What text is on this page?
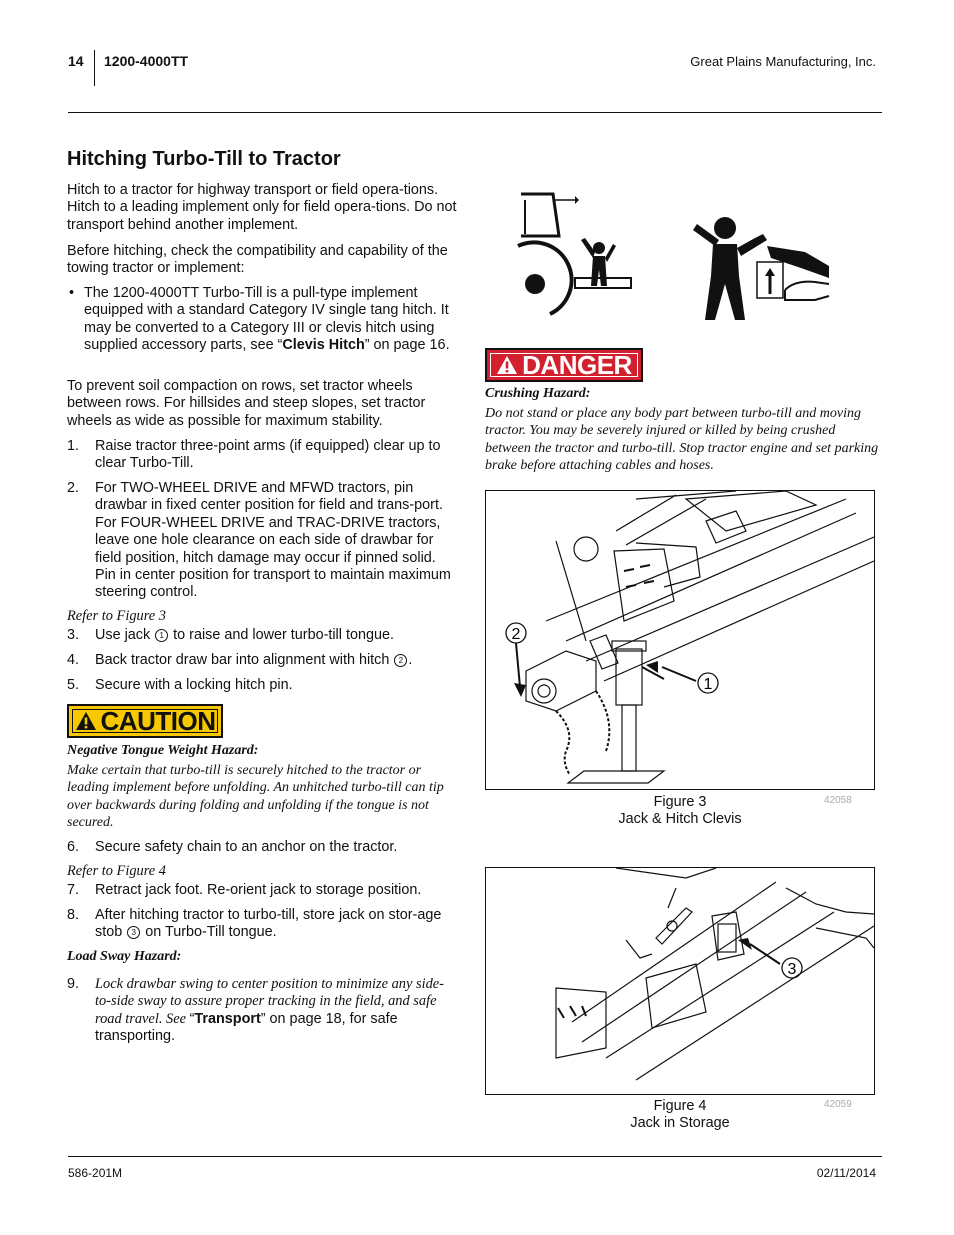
14 1200-4000TT	Great Plains Manufacturing, Inc.
Hitching Turbo-Till to Tractor
Hitch to a tractor for highway transport or field opera-tions. Hitch to a leading implement only for field opera-tions. Do not transport behind another implement.
Before hitching, check the compatibility and capability of the towing tractor or implement:
• The 1200-4000TT Turbo-Till is a pull-type implement equipped with a standard Category IV single tang hitch. It may be converted to a Category III or clevis hitch using supplied accessory parts, see “Clevis Hitch” on page 16.
To prevent soil compaction on rows, set tractor wheels between rows. For hillsides and steep slopes, set tractor wheels as wide as possible for maximum stability.
1. Raise tractor three-point arms (if equipped) clear up to clear Turbo-Till.
2. For TWO-WHEEL DRIVE and MFWD tractors, pin drawbar in fixed center position for field and trans-port. For FOUR-WHEEL DRIVE and TRAC-DRIVE tractors, leave one hole clearance on each side of drawbar for field position, hitch damage may occur if pinned solid. Pin in center position for transport to maintain maximum steering control.
Refer to Figure 3
3. Use jack 1 to raise and lower turbo-till tongue.
4. Back tractor draw bar into alignment with hitch 2 .
5. Secure with a locking hitch pin.
CAUTION
Negative Tongue Weight Hazard:
Make certain that turbo-till is securely hitched to the tractor or leading implement before unfolding. An unhitched turbo-till can tip over backwards during folding and unfolding if the tongue is not secured.
6. Secure safety chain to an anchor on the tractor.
Refer to Figure 4
7. Retract jack foot. Re-orient jack to storage position.
8. After hitching tractor to turbo-till, store jack on stor-age stob 3 on Turbo-Till tongue.
Load Sway Hazard:
9. Lock drawbar swing to center position to minimize any side-to-side sway to assure proper tracking in the field, and safe road travel. See “Transport” on page 18, for safe transporting.
DANGER
Crushing Hazard:
Do not stand or place any body part between turbo-till and moving tractor. You may be severely injured or killed by being crushed between the tractor and turbo-till. Stop tractor engine and set parking brake before attaching cables and hoses.
2
1
Figure 3
Jack & Hitch Clevis
42058
3
Figure 4
Jack in Storage
42059
586-201M	02/11/2014
